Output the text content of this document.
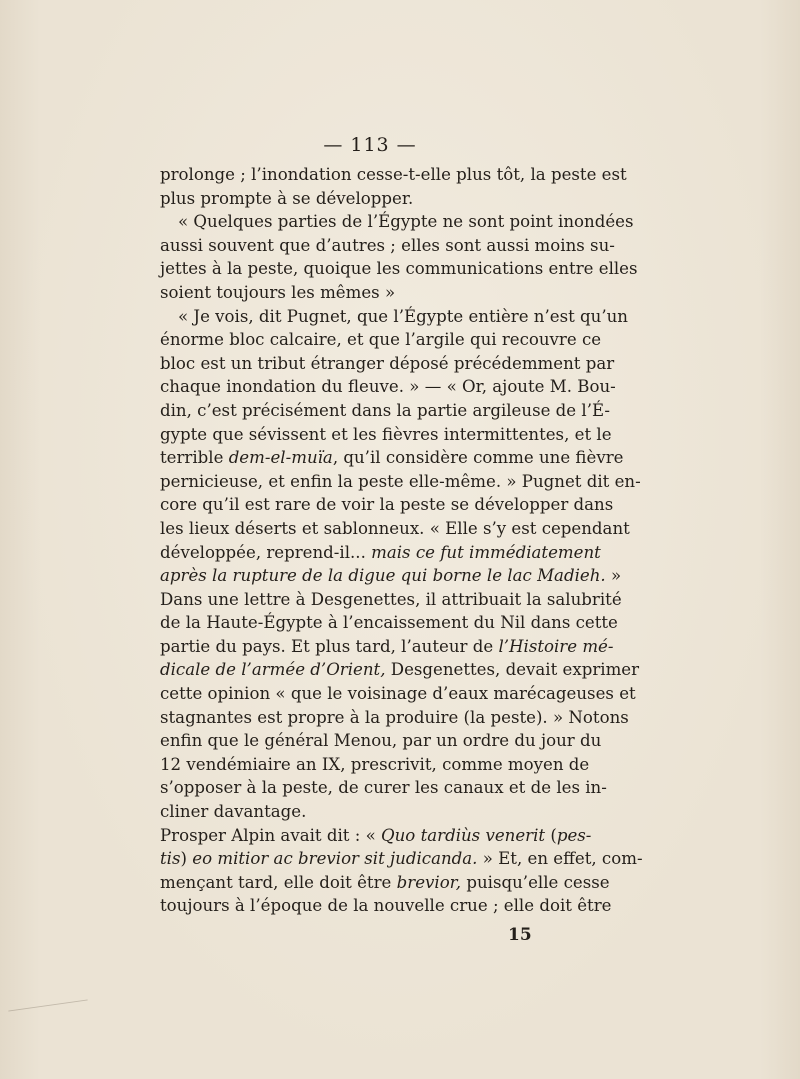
— 113 —
prolonge ; l’inondation cesse-t-elle plus tôt, la peste est
plus prompte à se développer.
« Quelques parties de l’Égypte ne sont point inondées
aussi souvent que d’autres ; elles sont aussi moins su-
jettes à la peste, quoique les communications entre elles
soient toujours les mêmes »
« Je vois, dit Pugnet, que l’Égypte entière n’est qu’un
énorme bloc calcaire, et que l’argile qui recouvre ce
bloc est un tribut étranger déposé précédemment par
chaque inondation du fleuve. » — « Or, ajoute M. Bou-
din, c’est précisément dans la partie argileuse de l’É-
gypte que sévissent et les fièvres intermittentes, et le
terrible dem-el-muïa, qu’il considère comme une fièvre
pernicieuse, et enfin la peste elle-même. » Pugnet dit en-
core qu’il est rare de voir la peste se développer dans
les lieux déserts et sablonneux. « Elle s’y est cependant
développée, reprend-il... mais ce fut immédiatement
après la rupture de la digue qui borne le lac Madieh. »
Dans une lettre à Desgenettes, il attribuait la salubrité
de la Haute-Égypte à l’encaissement du Nil dans cette
partie du pays. Et plus tard, l’auteur de l’Histoire mé-
dicale de l’armée d’Orient, Desgenettes, devait exprimer
cette opinion « que le voisinage d’eaux marécageuses et
stagnantes est propre à la produire (la peste). » Notons
enfin que le général Menou, par un ordre du jour du
12 vendémiaire an IX, prescrivit, comme moyen de
s’opposer à la peste, de curer les canaux et de les in-
cliner davantage.
Prosper Alpin avait dit : « Quo tardiùs venerit (pes-
tis) eo mitior ac brevior sit judicanda. » Et, en effet, com-
mençant tard, elle doit être brevior, puisqu’elle cesse
toujours à l’époque de la nouvelle crue ; elle doit être
15
